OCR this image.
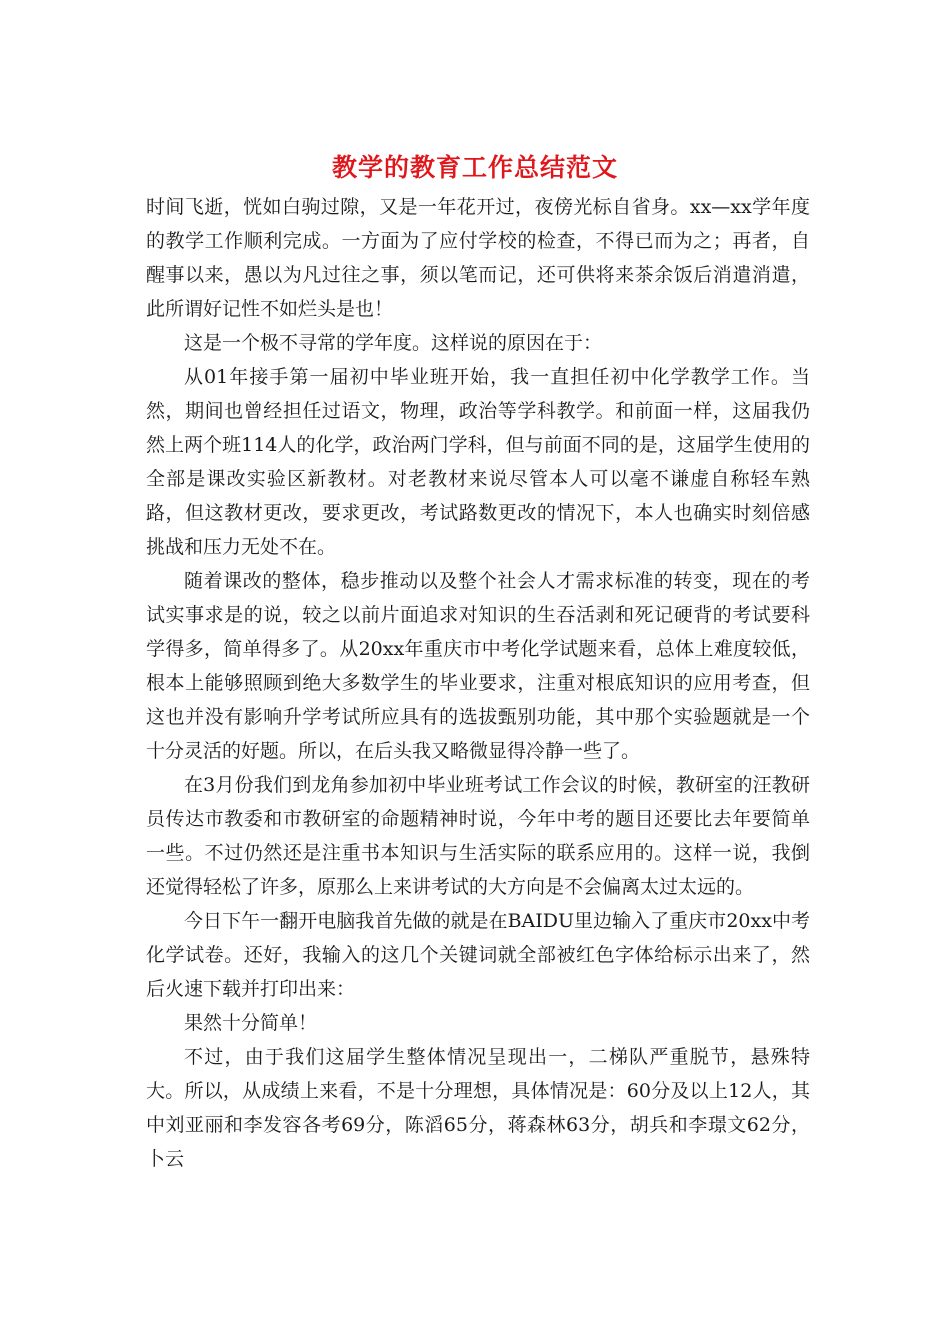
教学的教育工作总结范文

时间飞逝，恍如白驹过隙，又是一年花开过，夜傍光标自省身。xx—xx学年度的教学工作顺利完成。一方面为了应付学校的检查，不得已而为之；再者，自醒事以来，愚以为凡过往之事，须以笔而记，还可供将来茶余饭后消遣消遣，此所谓好记性不如烂头是也！

这是一个极不寻常的学年度。这样说的原因在于：

从01年接手第一届初中毕业班开始，我一直担任初中化学教学工作。当然，期间也曾经担任过语文，物理，政治等学科教学。和前面一样，这届我仍然上两个班114人的化学，政治两门学科，但与前面不同的是，这届学生使用的全部是课改实验区新教材。对老教材来说尽管本人可以毫不谦虚自称轻车熟路，但这教材更改，要求更改，考试路数更改的情况下，本人也确实时刻倍感挑战和压力无处不在。

随着课改的整体，稳步推动以及整个社会人才需求标准的转变，现在的考试实事求是的说，较之以前片面追求对知识的生吞活剥和死记硬背的考试要科学得多，简单得多了。从20xx年重庆市中考化学试题来看，总体上难度较低，根本上能够照顾到绝大多数学生的毕业要求，注重对根底知识的应用考查，但这也并没有影响升学考试所应具有的选拔甄别功能，其中那个实验题就是一个十分灵活的好题。所以，在后头我又略微显得冷静一些了。

在3月份我们到龙角参加初中毕业班考试工作会议的时候，教研室的汪教研员传达市教委和市教研室的命题精神时说，今年中考的题目还要比去年要简单一些。不过仍然还是注重书本知识与生活实际的联系应用的。这样一说，我倒还觉得轻松了许多，原那么上来讲考试的大方向是不会偏离太过太远的。

今日下午一翻开电脑我首先做的就是在BAIDU里边输入了重庆市20xx中考化学试卷。还好，我输入的这几个关键词就全部被红色字体给标示出来了，然后火速下载并打印出来：

果然十分简单！

不过，由于我们这届学生整体情况呈现出一，二梯队严重脱节，悬殊特大。所以，从成绩上来看，不是十分理想，具体情况是：60分及以上12人，其中刘亚丽和李发容各考69分，陈滔65分，蒋森林63分，胡兵和李璟文62分，卜云
